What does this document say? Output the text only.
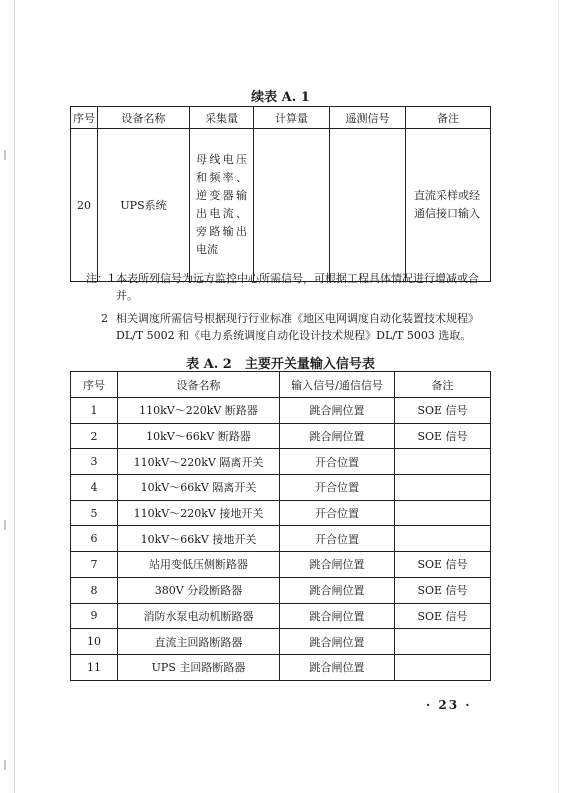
续表 A. 1
序号	设备名称	采集量	计算量	遥测信号	备注
20	UPS系统	母线电压和频率、逆变器输出电流、旁路输出电流			直流采样或经通信接口输入
注：1 本表所列信号为远方监控中心所需信号，可根据工程具体情况进行增减或合并。
2 相关调度所需信号根据现行行业标准《地区电网调度自动化装置技术规程》DL/T 5002 和《电力系统调度自动化设计技术规程》DL/T 5003 选取。
表 A. 2　主要开关量输入信号表
序号	设备名称	输入信号/通信信号	备注
1	110kV～220kV 断路器	跳合闸位置	SOE 信号
2	10kV～66kV 断路器	跳合闸位置	SOE 信号
3	110kV～220kV 隔离开关	开合位置	
4	10kV～66kV 隔离开关	开合位置	
5	110kV～220kV 接地开关	开合位置	
6	10kV～66kV 接地开关	开合位置	
7	站用变低压侧断路器	跳合闸位置	SOE 信号
8	380V 分段断路器	跳合闸位置	SOE 信号
9	消防水泵电动机断路器	跳合闸位置	SOE 信号
10	直流主回路断路器	跳合闸位置	
11	UPS 主回路断路器	跳合闸位置	
· 23 ·
